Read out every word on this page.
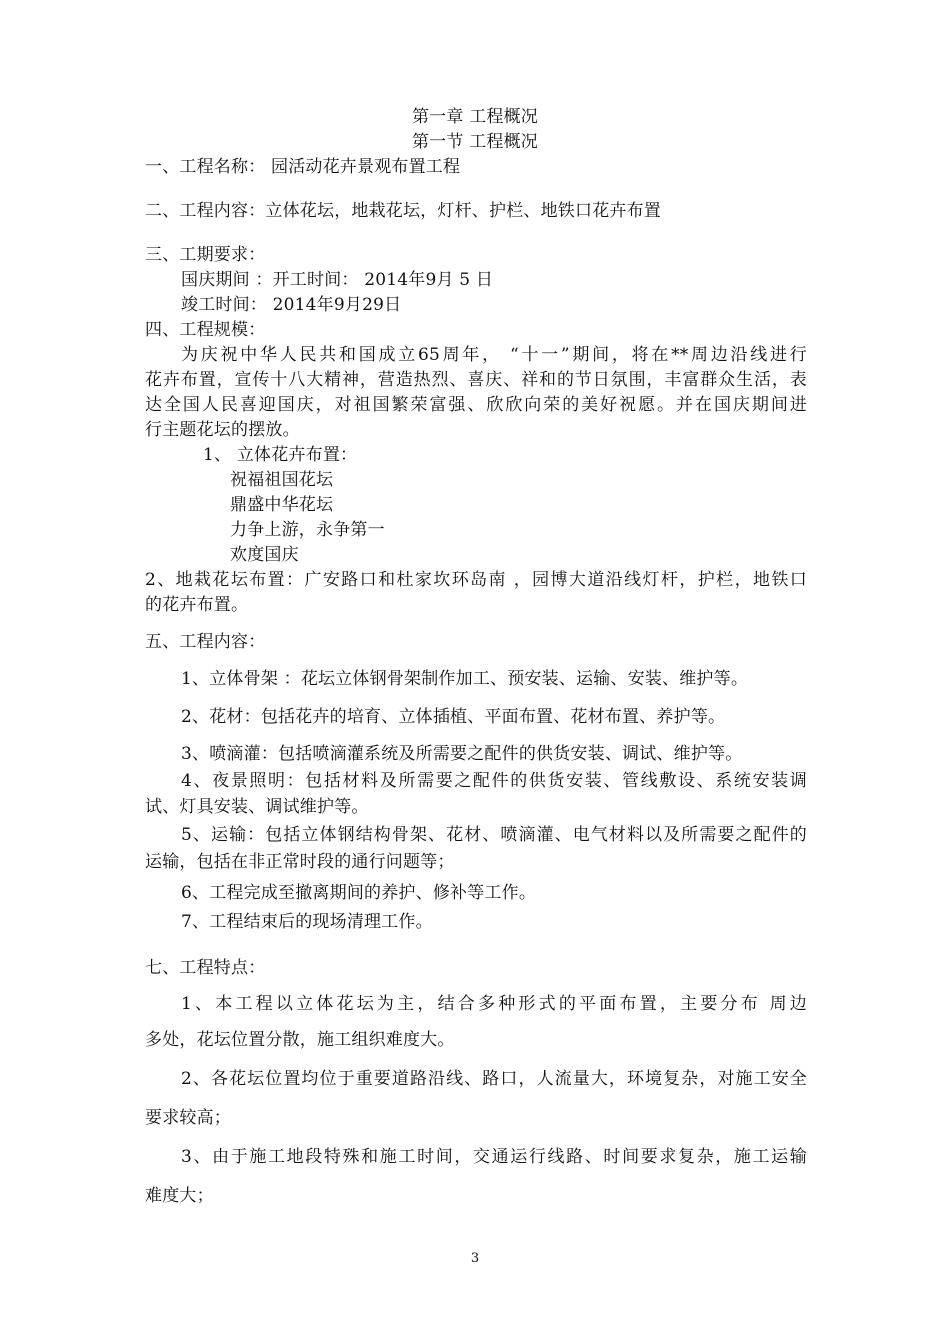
第一章 工程概况
第一节 工程概况
一、工程名称： 园活动花卉景观布置工程
二、工程内容：立体花坛，地栽花坛，灯杆、护栏、地铁口花卉布置
三、工期要求：
国庆期间 ：开工时间： 2014年9月 5 日
竣工时间： 2014年9月29日
四、工程规模：
为庆祝中华人民共和国成立65周年， “十一”期间，将在**周边沿线进行
花卉布置，宣传十八大精神，营造热烈、喜庆、祥和的节日氛围，丰富群众生活，表
达全国人民喜迎国庆，对祖国繁荣富强、欣欣向荣的美好祝愿。并在国庆期间进
行主题花坛的摆放。
1、 立体花卉布置：
祝福祖国花坛
鼎盛中华花坛
力争上游，永争第一
欢度国庆
2、地栽花坛布置：广安路口和杜家坎环岛南 ，园博大道沿线灯杆，护栏，地铁口
的花卉布置。
五、工程内容：
1、立体骨架 ：花坛立体钢骨架制作加工、预安装、运输、安装、维护等。
2、花材：包括花卉的培育、立体插植、平面布置、花材布置、养护等。
3、喷滴灌：包括喷滴灌系统及所需要之配件的供货安装、调试、维护等。
4、夜景照明：包括材料及所需要之配件的供货安装、管线敷设、系统安装调
试、灯具安装、调试维护等。
5、运输：包括立体钢结构骨架、花材、喷滴灌、电气材料以及所需要之配件的
运输，包括在非正常时段的通行问题等；
6、工程完成至撤离期间的养护、修补等工作。
7、工程结束后的现场清理工作。
七、工程特点：
1、本工程以立体花坛为主，结合多种形式的平面布置，主要分布 周边
多处，花坛位置分散，施工组织难度大。
2、各花坛位置均位于重要道路沿线、路口，人流量大，环境复杂，对施工安全
要求较高；
3、由于施工地段特殊和施工时间，交通运行线路、时间要求复杂，施工运输
难度大；
3
